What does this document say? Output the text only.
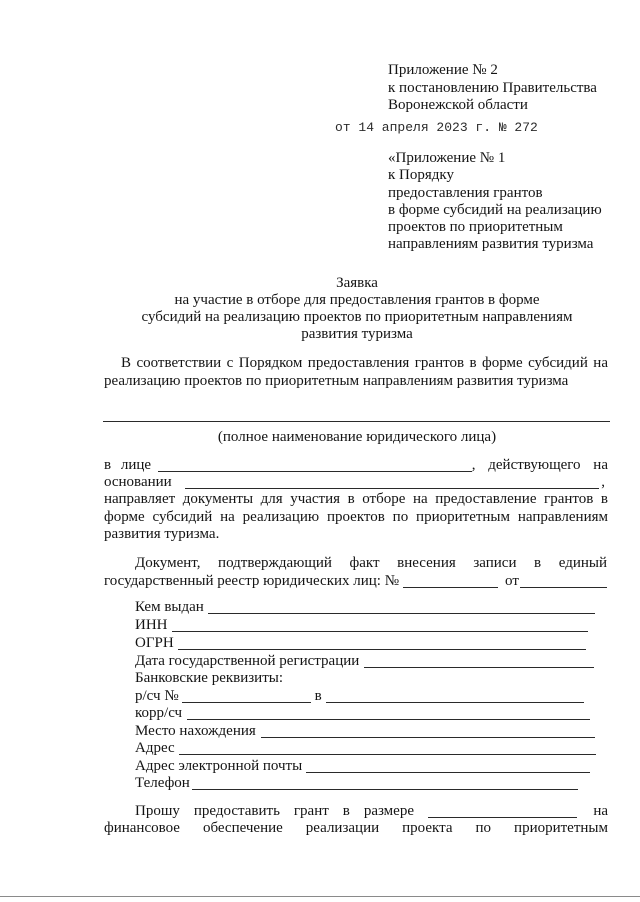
Приложение № 2
к постановлению Правительства
Воронежской области
от 14 апреля 2023 г. № 272
«Приложение № 1
к Порядку
предоставления грантов
в форме субсидий на реализацию
проектов по приоритетным
направлениям развития туризма
Заявка
на участие в отборе для предоставления грантов в форме
субсидий на реализацию проектов по приоритетным направлениям
развития туризма
В соответствии с Порядком предоставления грантов в форме субсидий на
реализацию проектов по приоритетным направлениям развития туризма
(полное наименование юридического лица)
в лице	, действующего на
основании	,
направляет документы для участия в отборе на предоставление грантов в
форме субсидий на реализацию проектов по приоритетным направлениям
развития туризма.
Документ, подтверждающий факт внесения записи в единый
государственный реестр юридических лиц: №	от
Кем выдан
ИНН
ОГРН
Дата государственной регистрации
Банковские реквизиты:
р/сч №	в
корр/сч
Место нахождения
Адрес
Адрес электронной почты
Телефон
Прошу предоставить грант в размере	на
финансовое обеспечение реализации проекта по приоритетным
